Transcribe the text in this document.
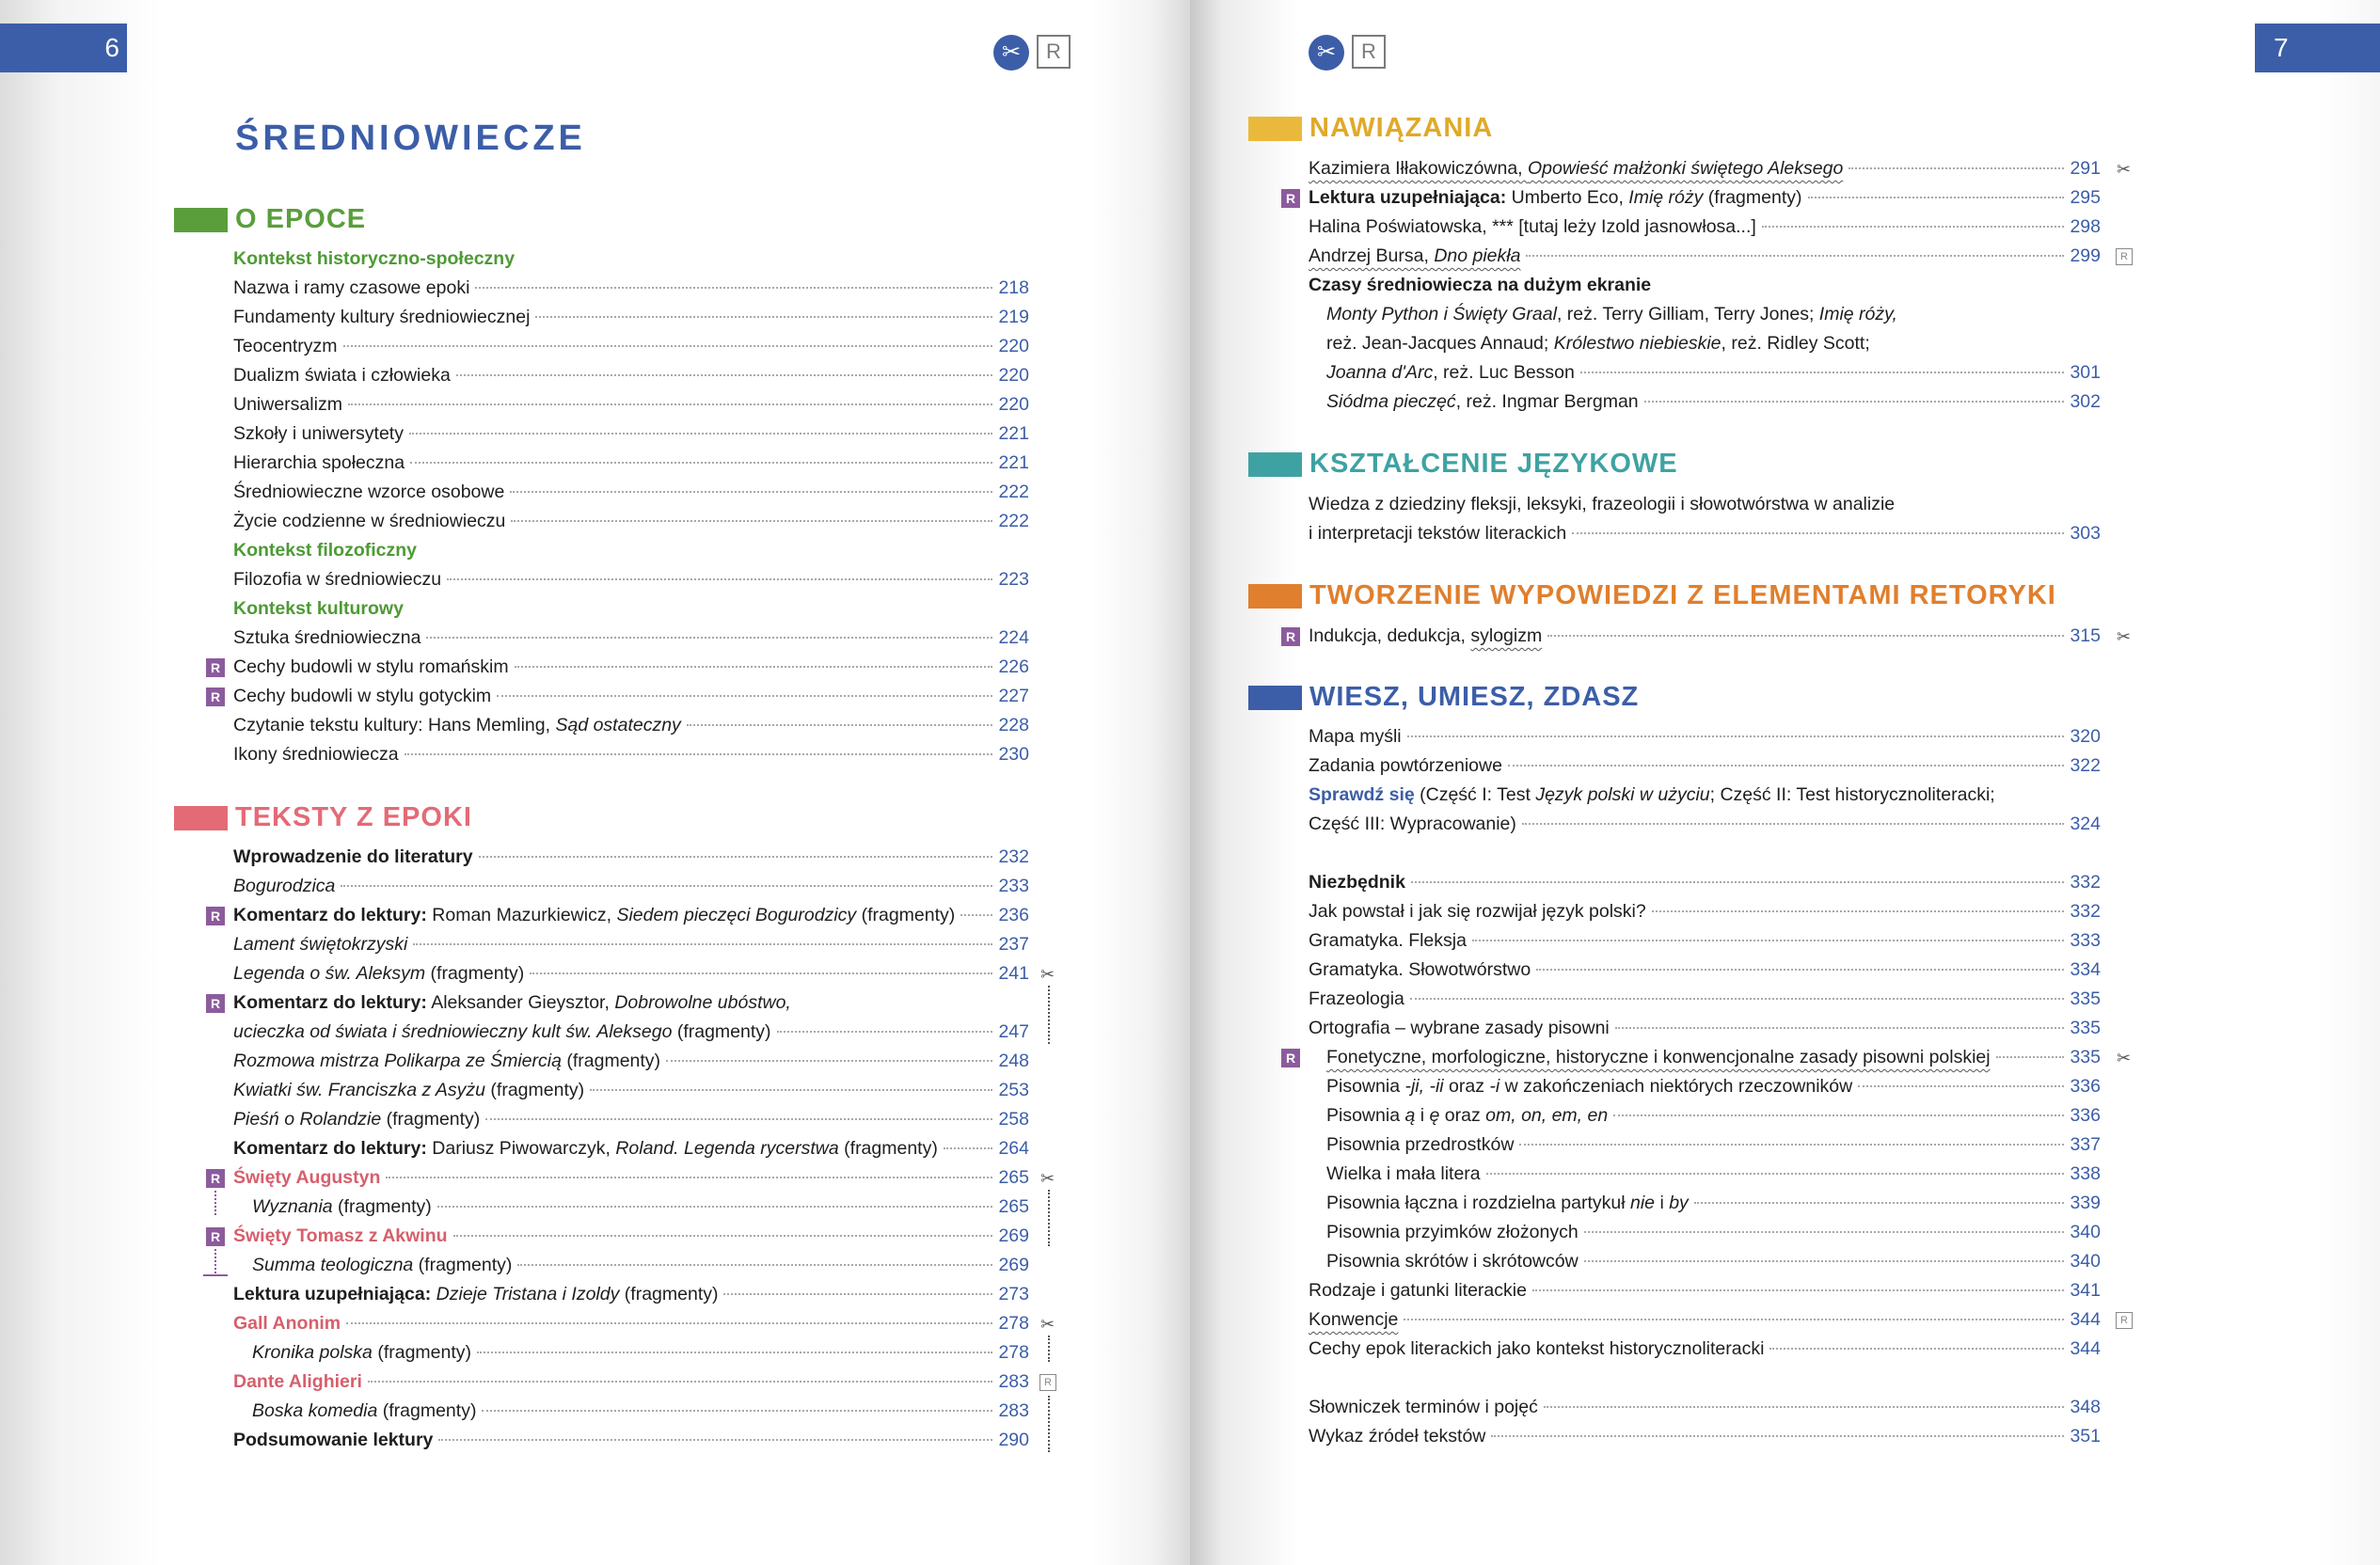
6	✂	R
ŚREDNIOWIECZE
O EPOCE
Kontekst historyczno-społeczny
Nazwa i ramy czasowe epoki	218
Fundamenty kultury średniowiecznej	219
Teocentryzm	220
Dualizm świata i człowieka	220
Uniwersalizm	220
Szkoły i uniwersytety	221
Hierarchia społeczna	221
Średniowieczne wzorce osobowe	222
Życie codzienne w średniowieczu	222
Kontekst filozoficzny
Filozofia w średniowieczu	223
Kontekst kulturowy
Sztuka średniowieczna	224
R Cechy budowli w stylu romańskim	226
R Cechy budowli w stylu gotyckim	227
Czytanie tekstu kultury: Hans Memling, Sąd ostateczny	228
Ikony średniowiecza	230
TEKSTY Z EPOKI
Wprowadzenie do literatury	232
Bogurodzica	233
R Komentarz do lektury: Roman Mazurkiewicz, Siedem pieczęci Bogurodzicy (fragmenty) 236
Lament świętokrzyski	237
Legenda o św. Aleksym (fragmenty)	241 ✂
R Komentarz do lektury: Aleksander Gieysztor, Dobrowolne ubóstwo,
ucieczka od świata i średniowieczny kult św. Aleksego (fragmenty)	247
Rozmowa mistrza Polikarpa ze Śmiercią (fragmenty)	248
Kwiatki św. Franciszka z Asyżu (fragmenty)	253
Pieśń o Rolandzie (fragmenty)	258
Komentarz do lektury: Dariusz Piwowarczyk, Roland. Legenda rycerstwa (fragmenty)	264
R Święty Augustyn	265 ✂
Wyznania (fragmenty)	265
R Święty Tomasz z Akwinu	269
Summa teologiczna (fragmenty)	269
Lektura uzupełniająca: Dzieje Tristana i Izoldy (fragmenty)	273
Gall Anonim	278 ✂
Kronika polska (fragmenty)	278
Dante Alighieri	283	R
Boska komedia (fragmenty)	283
Podsumowanie lektury	290
7
✂	R
NAWIĄZANIA
Kazimiera Iłłakowiczówna, Opowieść małżonki świętego Aleksego	291 ✂
R Lektura uzupełniająca: Umberto Eco, Imię róży (fragmenty)	295
Halina Poświatowska, *** [tutaj leży Izold jasnowłosa...]	298
Andrzej Bursa, Dno piekła	299	R
Czasy średniowiecza na dużym ekranie
Monty Python i Święty Graal, reż. Terry Gilliam, Terry Jones; Imię róży,
reż. Jean-Jacques Annaud; Królestwo niebieskie, reż. Ridley Scott;
Joanna d'Arc, reż. Luc Besson	301
Siódma pieczęć, reż. Ingmar Bergman	302
KSZTAŁCENIE JĘZYKOWE
Wiedza z dziedziny fleksji, leksyki, frazeologii i słowotwórstwa w analizie
i interpretacji tekstów literackich	303
TWORZENIE WYPOWIEDZI Z ELEMENTAMI RETORYKI
R Indukcja, dedukcja, sylogizm	315 ✂
WIESZ, UMIESZ, ZDASZ
Mapa myśli	320
Zadania powtórzeniowe	322
Sprawdź się (Część I: Test Język polski w użyciu; Część II: Test historycznoliteracki;
Część III: Wypracowanie)	324
Niezbędnik	332
Jak powstał i jak się rozwijał język polski?	332
Gramatyka. Fleksja	333
Gramatyka. Słowotwórstwo	334
Frazeologia	335
Ortografia – wybrane zasady pisowni	335
R Fonetyczne, morfologiczne, historyczne i konwencjonalne zasady pisowni polskiej	335 ✂
Pisownia -ji, -ii oraz -i w zakończeniach niektórych rzeczowników	336
Pisownia ą i ę oraz om, on, em, en	336
Pisownia przedrostków	337
Wielka i mała litera	338
Pisownia łączna i rozdzielna partykuł nie i by	339
Pisownia przyimków złożonych	340
Pisownia skrótów i skrótowców	340
Rodzaje i gatunki literackie	341
Konwencje	344	R
Cechy epok literackich jako kontekst historycznoliteracki	344
Słowniczek terminów i pojęć	348
Wykaz źródeł tekstów	351
